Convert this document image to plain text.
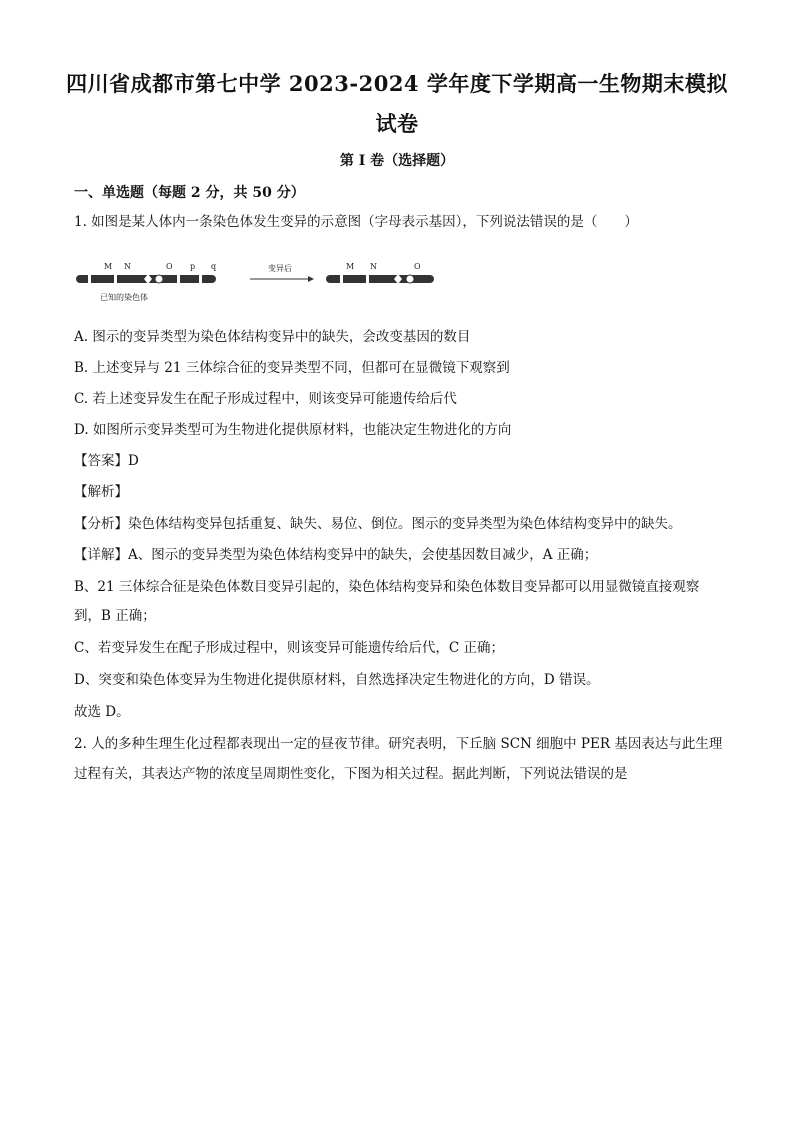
四川省成都市第七中学 2023-2024 学年度下学期高一生物期末模拟试卷
第 I 卷（选择题）
一、单选题（每题 2 分，共 50 分）
1. 如图是某人体内一条染色体发生变异的示意图（字母表示基因），下列说法错误的是（　　）
M N	O p q
已知的染色体
变异后	M N	O
A. 图示的变异类型为染色体结构变异中的缺失，会改变基因的数目
B. 上述变异与 21 三体综合征的变异类型不同，但都可在显微镜下观察到
C. 若上述变异发生在配子形成过程中，则该变异可能遗传给后代
D. 如图所示变异类型可为生物进化提供原材料，也能决定生物进化的方向
【答案】D
【解析】
【分析】染色体结构变异包括重复、缺失、易位、倒位。图示的变异类型为染色体结构变异中的缺失。
【详解】A、图示的变异类型为染色体结构变异中的缺失，会使基因数目减少，A 正确；
B、21 三体综合征是染色体数目变异引起的，染色体结构变异和染色体数目变异都可以用显微镜直接观察
到，B 正确；
C、若变异发生在配子形成过程中，则该变异可能遗传给后代，C 正确；
D、突变和染色体变异为生物进化提供原材料，自然选择决定生物进化的方向，D 错误。
故选 D。
2. 人的多种生理生化过程都表现出一定的昼夜节律。研究表明，下丘脑 SCN 细胞中 PER 基因表达与此生理
过程有关，其表达产物的浓度呈周期性变化，下图为相关过程。据此判断，下列说法错误的是
